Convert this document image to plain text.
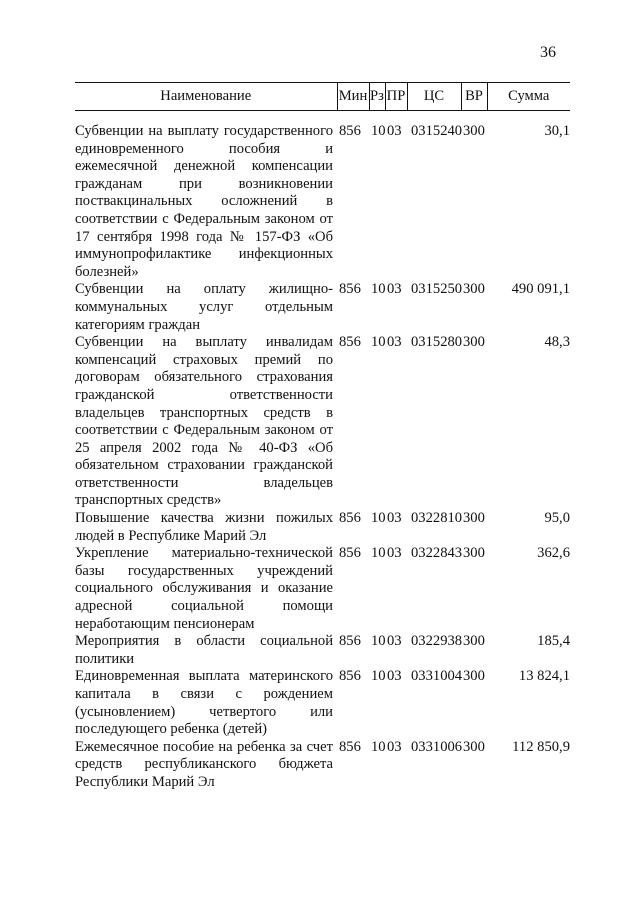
36
Наименование	Мин	Рз	ПР	ЦС	ВР	Сумма
Субвенции на выплату государственного единовременного пособия и ежемесячной денежной компенсации гражданам при возникновении поствакцинальных осложнений в соответствии с Федеральным законом от 17 сентября 1998 года № 157-ФЗ «Об иммунопрофилактике инфекционных болезней»	856	10	03	0315240	300	30,1
Субвенции на оплату жилищно-коммунальных услуг отдельным категориям граждан	856	10	03	0315250	300	490 091,1
Субвенции на выплату инвалидам компенсаций страховых премий по договорам обязательного страхования гражданской ответственности владельцев транспортных средств в соответствии с Федеральным законом от 25 апреля 2002 года № 40-ФЗ «Об обязательном страховании гражданской ответственности владельцев транспортных средств»	856	10	03	0315280	300	48,3
Повышение качества жизни пожилых людей в Республике Марий Эл	856	10	03	0322810	300	95,0
Укрепление материально-технической базы государственных учреждений социального обслуживания и оказание адресной социальной помощи неработающим пенсионерам	856	10	03	0322843	300	362,6
Мероприятия в области социальной политики	856	10	03	0322938	300	185,4
Единовременная выплата материнского капитала в связи с рождением (усыновлением) четвертого или последующего ребенка (детей)	856	10	03	0331004	300	13 824,1
Ежемесячное пособие на ребенка за счет средств республиканского бюджета Республики Марий Эл	856	10	03	0331006	300	112 850,9
